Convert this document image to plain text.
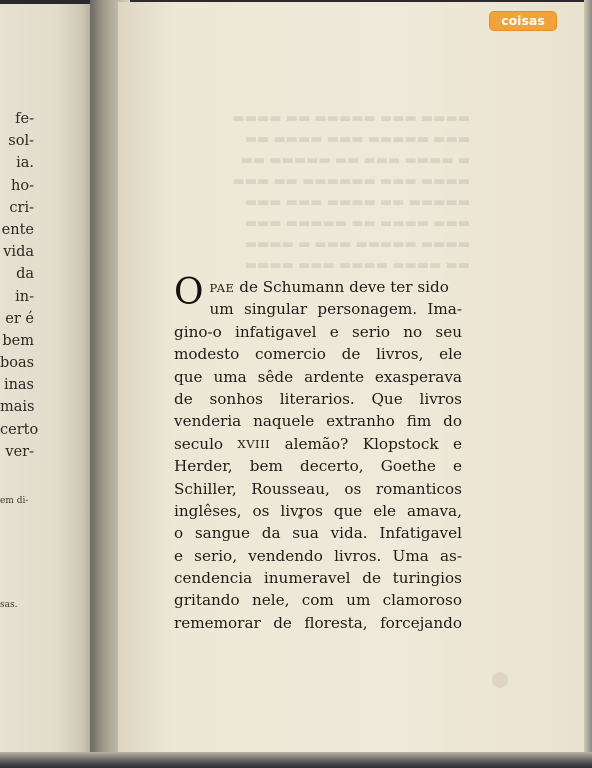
▬▬▬▬ ▬▬▬ ▬▬▬▬▬ ▬▬ ▬▬▬▬
▬▬▬ ▬▬▬▬▬ ▬▬▬ ▬▬▬▬ ▬▬
▬ ▬▬▬▬ ▬▬▬ ▬▬ ▬▬▬▬▬ ▬▬
▬▬▬▬ ▬▬▬ ▬▬▬▬▬▬ ▬▬ ▬▬▬
▬▬▬▬▬ ▬▬ ▬▬▬▬ ▬▬▬ ▬▬▬
▬▬▬ ▬▬▬▬ ▬▬ ▬▬▬▬▬ ▬▬▬
▬▬▬▬ ▬▬▬▬▬ ▬▬▬ ▬ ▬▬▬▬
▬▬ ▬▬▬▬ ▬▬▬▬ ▬▬▬ ▬▬▬▬
fe-
sol-
ia.
ho-
cri-
ente
vida
da
in-
er é
bem
boas
inas
mais
certo
ver-
em di-
sas.
O PAE de Schumann deve ter sido
um singular personagem. Ima-
gino-o infatigavel e serio no seu
modesto comercio de livros, ele
que uma sêde ardente exasperava
de sonhos literarios. Que livros
venderia naquele extranho fim do
seculo XVIII alemão? Klopstock e
Herder, bem decerto, Goethe e
Schiller, Rousseau, os romanticos
inglêses, os livros que ele amava,
o sangue da sua vida. Infatigavel
e serio, vendendo livros. Uma as-
cendencia inumeravel de turingios
gritando nele, com um clamoroso
rememorar de floresta, forcejando
coisas
